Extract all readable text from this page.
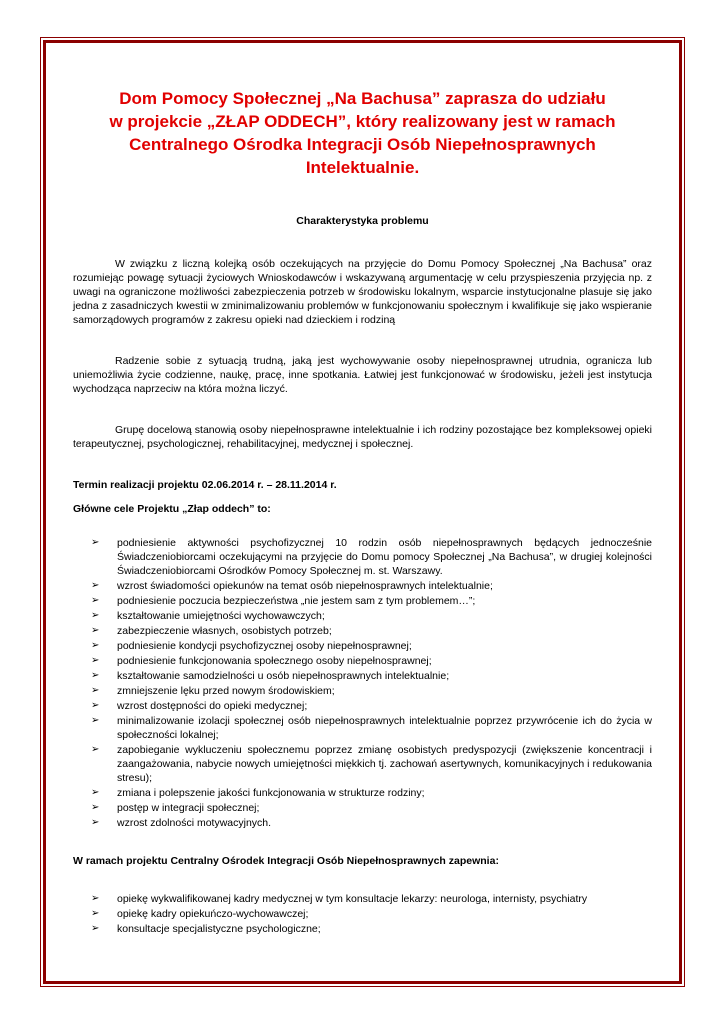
Dom Pomocy Społecznej „Na Bachusa” zaprasza do udziału
w projekcie „ZŁAP ODDECH”, który realizowany jest w ramach
Centralnego Ośrodka Integracji Osób Niepełnosprawnych
Intelektualnie.
Charakterystyka problemu

W związku z liczną kolejką osób oczekujących na przyjęcie do Domu Pomocy Społecznej „Na Bachusa” oraz rozumiejąc powagę sytuacji życiowych Wnioskodawców i wskazywaną argumentację w celu przyspieszenia przyjęcia np. z uwagi na ograniczone możliwości zabezpieczenia potrzeb w środowisku lokalnym, wsparcie instytucjonalne plasuje się jako jedna z zasadniczych kwestii w zminimalizowaniu problemów w funkcjonowaniu społecznym i kwalifikuje się jako wspieranie samorządowych programów z zakresu opieki nad dzieckiem i rodziną

Radzenie sobie z sytuacją trudną, jaką jest wychowywanie osoby niepełnosprawnej utrudnia, ogranicza lub uniemożliwia życie codzienne, naukę, pracę, inne spotkania. Łatwiej jest funkcjonować w środowisku, jeżeli jest instytucja wychodząca naprzeciw na która można liczyć.

Grupę docelową stanowią osoby niepełnosprawne intelektualnie i ich rodziny pozostające bez kompleksowej opieki terapeutycznej, psychologicznej, rehabilitacyjnej, medycznej i społecznej.

Termin realizacji projektu 02.06.2014 r. – 28.11.2014 r.
Główne cele Projektu „Złap oddech” to:
➢	podniesienie aktywności psychofizycznej 10 rodzin osób niepełnosprawnych będących jednocześnie Świadczeniobiorcami oczekującymi na przyjęcie do Domu pomocy Społecznej „Na Bachusa”, w drugiej kolejności Świadczeniobiorcami Ośrodków Pomocy Społecznej m. st. Warszawy.
➢	wzrost świadomości opiekunów na temat osób niepełnosprawnych intelektualnie;
➢	podniesienie poczucia bezpieczeństwa „nie jestem sam z tym problemem…”;
➢	kształtowanie umiejętności wychowawczych;
➢	zabezpieczenie własnych, osobistych potrzeb;
➢	podniesienie kondycji psychofizycznej osoby niepełnosprawnej;
➢	podniesienie funkcjonowania społecznego osoby niepełnosprawnej;
➢	kształtowanie samodzielności u osób niepełnosprawnych intelektualnie;
➢	zmniejszenie lęku przed nowym środowiskiem;
➢	wzrost dostępności do opieki medycznej;
➢	minimalizowanie izolacji społecznej osób niepełnosprawnych intelektualnie poprzez przywrócenie ich do życia w społeczności lokalnej;
➢	zapobieganie wykluczeniu społecznemu poprzez zmianę osobistych predyspozycji (zwiększenie koncentracji i zaangażowania, nabycie nowych umiejętności miękkich tj. zachowań asertywnych, komunikacyjnych i redukowania stresu);
➢	zmiana i polepszenie jakości funkcjonowania w strukturze rodziny;
➢	postęp w integracji społecznej;
➢	wzrost zdolności motywacyjnych.
W ramach projektu Centralny Ośrodek Integracji Osób Niepełnosprawnych zapewnia:
➢	opiekę wykwalifikowanej kadry medycznej w tym konsultacje lekarzy: neurologa, internisty, psychiatry
➢	opiekę kadry opiekuńczo-wychowawczej;
➢	konsultacje specjalistyczne psychologiczne;
